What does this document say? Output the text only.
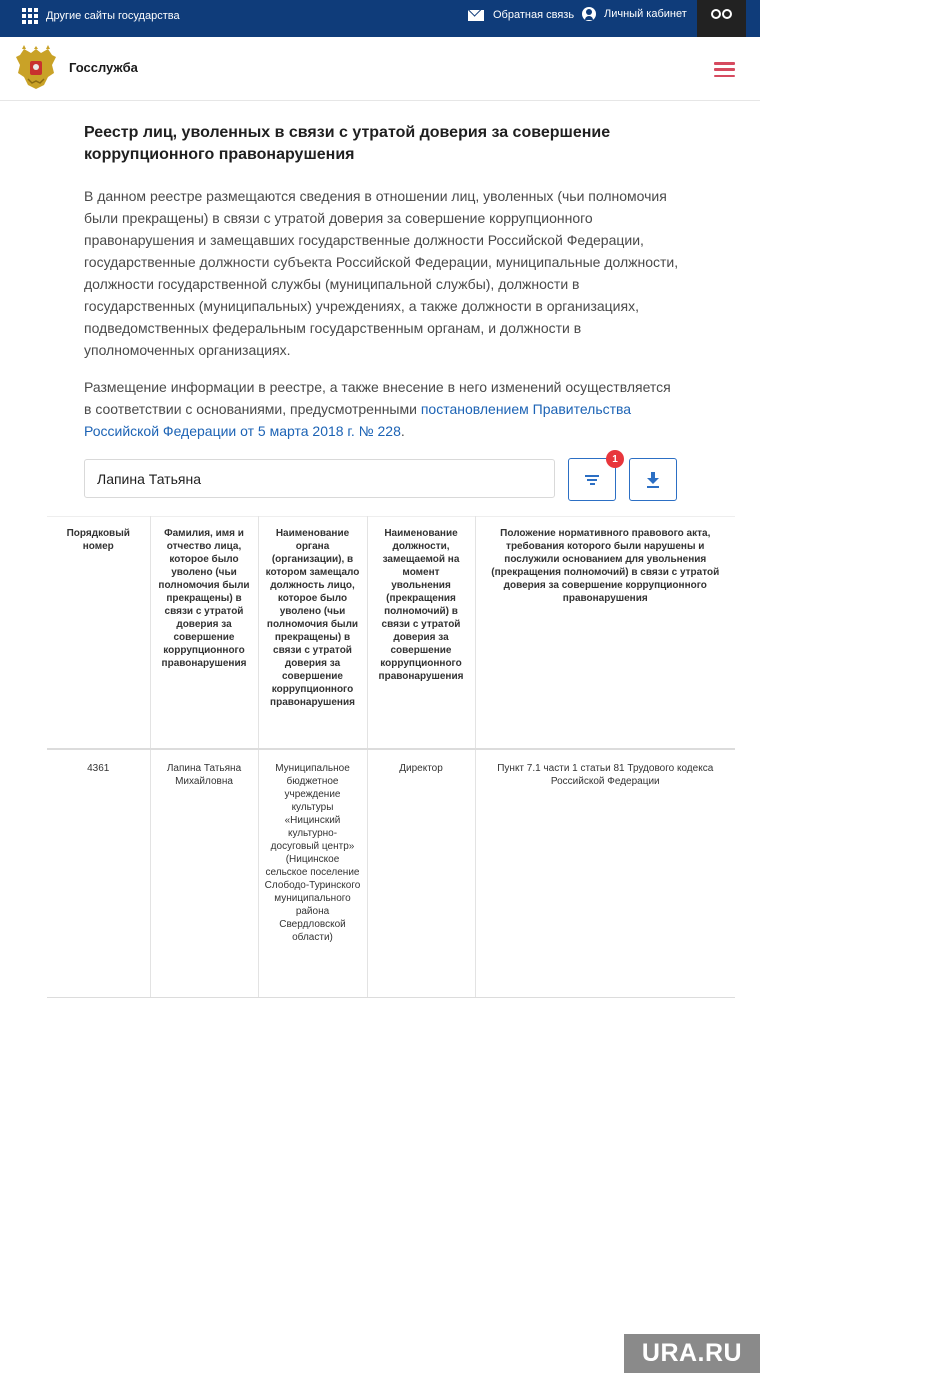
Другие сайты государства	Обратная связь	Личный кабинет
Госслужба
Реестр лиц, уволенных в связи с утратой доверия за совершение коррупционного правонарушения

В данном реестре размещаются сведения в отношении лиц, уволенных (чьи полномочия были прекращены) в связи с утратой доверия за совершение коррупционного правонарушения и замещавших государственные должности Российской Федерации, государственные должности субъекта Российской Федерации, муниципальные должности, должности государственной службы (муниципальной службы), должности в государственных (муниципальных) учреждениях, а также должности в организациях, подведомственных федеральным государственным органам, и должности в уполномоченных организациях.

Размещение информации в реестре, а также внесение в него изменений осуществляется в соответствии с основаниями, предусмотренными постановлением Правительства Российской Федерации от 5 марта 2018 г. № 228.

Лапина Татьяна
1
Порядковый номер	Фамилия, имя и отчество лица, которое было уволено (чьи полномочия были прекращены) в связи с утратой доверия за совершение коррупционного правонарушения	Наименование органа (организации), в котором замещало должность лицо, которое было уволено (чьи полномочия были прекращены) в связи с утратой доверия за совершение коррупционного правонарушения	Наименование должности, замещаемой на момент увольнения (прекращения полномочий) в связи с утратой доверия за совершение коррупционного правонарушения	Положение нормативного правового акта, требования которого были нарушены и послужили основанием для увольнения (прекращения полномочий) в связи с утратой доверия за совершение коррупционного правонарушения
4361	Лапина Татьяна Михайловна	Муниципальное бюджетное учреждение культуры «Ницинский культурно-досуговый центр» (Ницинское сельское поселение Слободо-Туринского муниципального района Свердловской области)	Директор	Пункт 7.1 части 1 статьи 81 Трудового кодекса Российской Федерации
URA.RU
